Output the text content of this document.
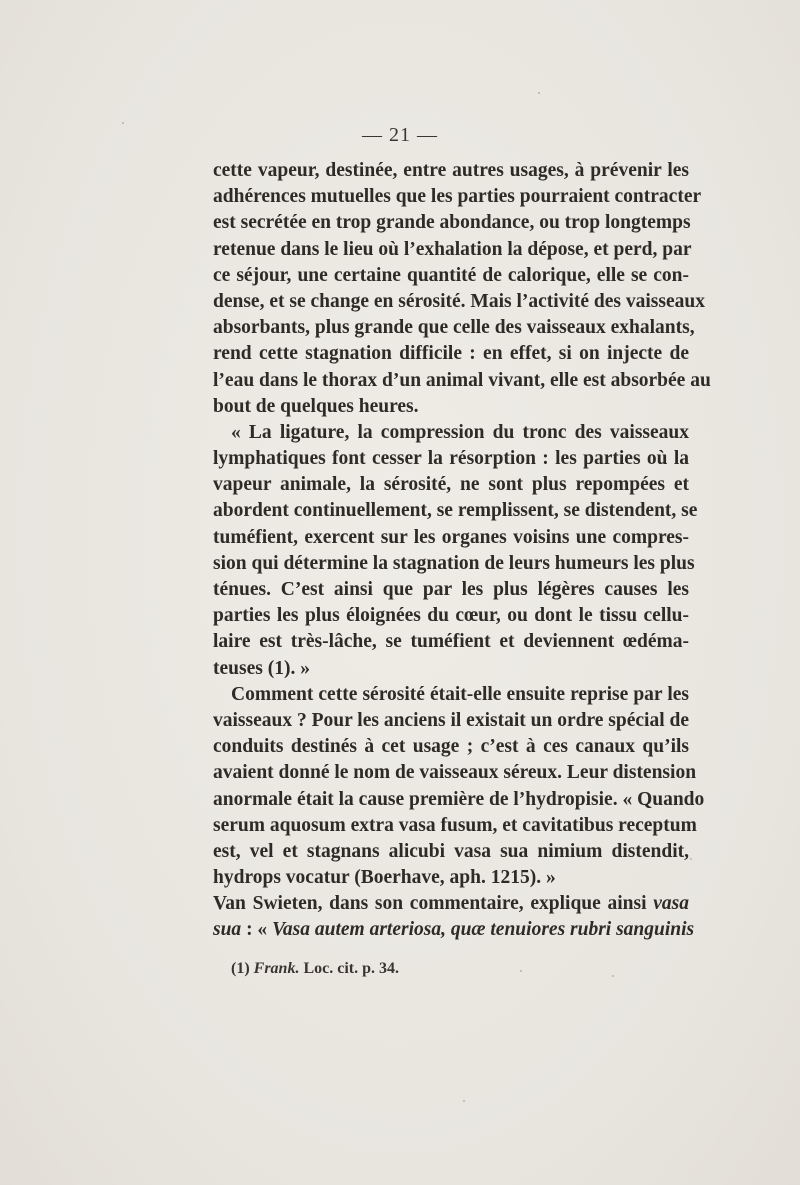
— 21 —
cette vapeur, destinée, entre autres usages, à prévenir les
adhérences mutuelles que les parties pourraient contracter
est secrétée en trop grande abondance, ou trop longtemps
retenue dans le lieu où l’exhalation la dépose, et perd, par
ce séjour, une certaine quantité de calorique, elle se con-
dense, et se change en sérosité. Mais l’activité des vaisseaux
absorbants, plus grande que celle des vaisseaux exhalants,
rend cette stagnation difficile : en effet, si on injecte de
l’eau dans le thorax d’un animal vivant, elle est absorbée au
bout de quelques heures.
« La ligature, la compression du tronc des vaisseaux
lymphatiques font cesser la résorption : les parties où la
vapeur animale, la sérosité, ne sont plus repompées et
abordent continuellement, se remplissent, se distendent, se
tuméfient, exercent sur les organes voisins une compres-
sion qui détermine la stagnation de leurs humeurs les plus
ténues. C’est ainsi que par les plus légères causes les
parties les plus éloignées du cœur, ou dont le tissu cellu-
laire est très-lâche, se tuméfient et deviennent œdéma-
teuses (1). »
Comment cette sérosité était-elle ensuite reprise par les
vaisseaux ? Pour les anciens il existait un ordre spécial de
conduits destinés à cet usage ; c’est à ces canaux qu’ils
avaient donné le nom de vaisseaux séreux. Leur distension
anormale était la cause première de l’hydropisie. « Quando
serum aquosum extra vasa fusum, et cavitatibus receptum
est, vel et stagnans alicubi vasa sua nimium distendit,
hydrops vocatur (Boerhave, aph. 1215). »
Van Swieten, dans son commentaire, explique ainsi vasa
sua : « Vasa autem arteriosa, quæ tenuiores rubri sanguinis
(1) Frank. Loc. cit. p. 34.
